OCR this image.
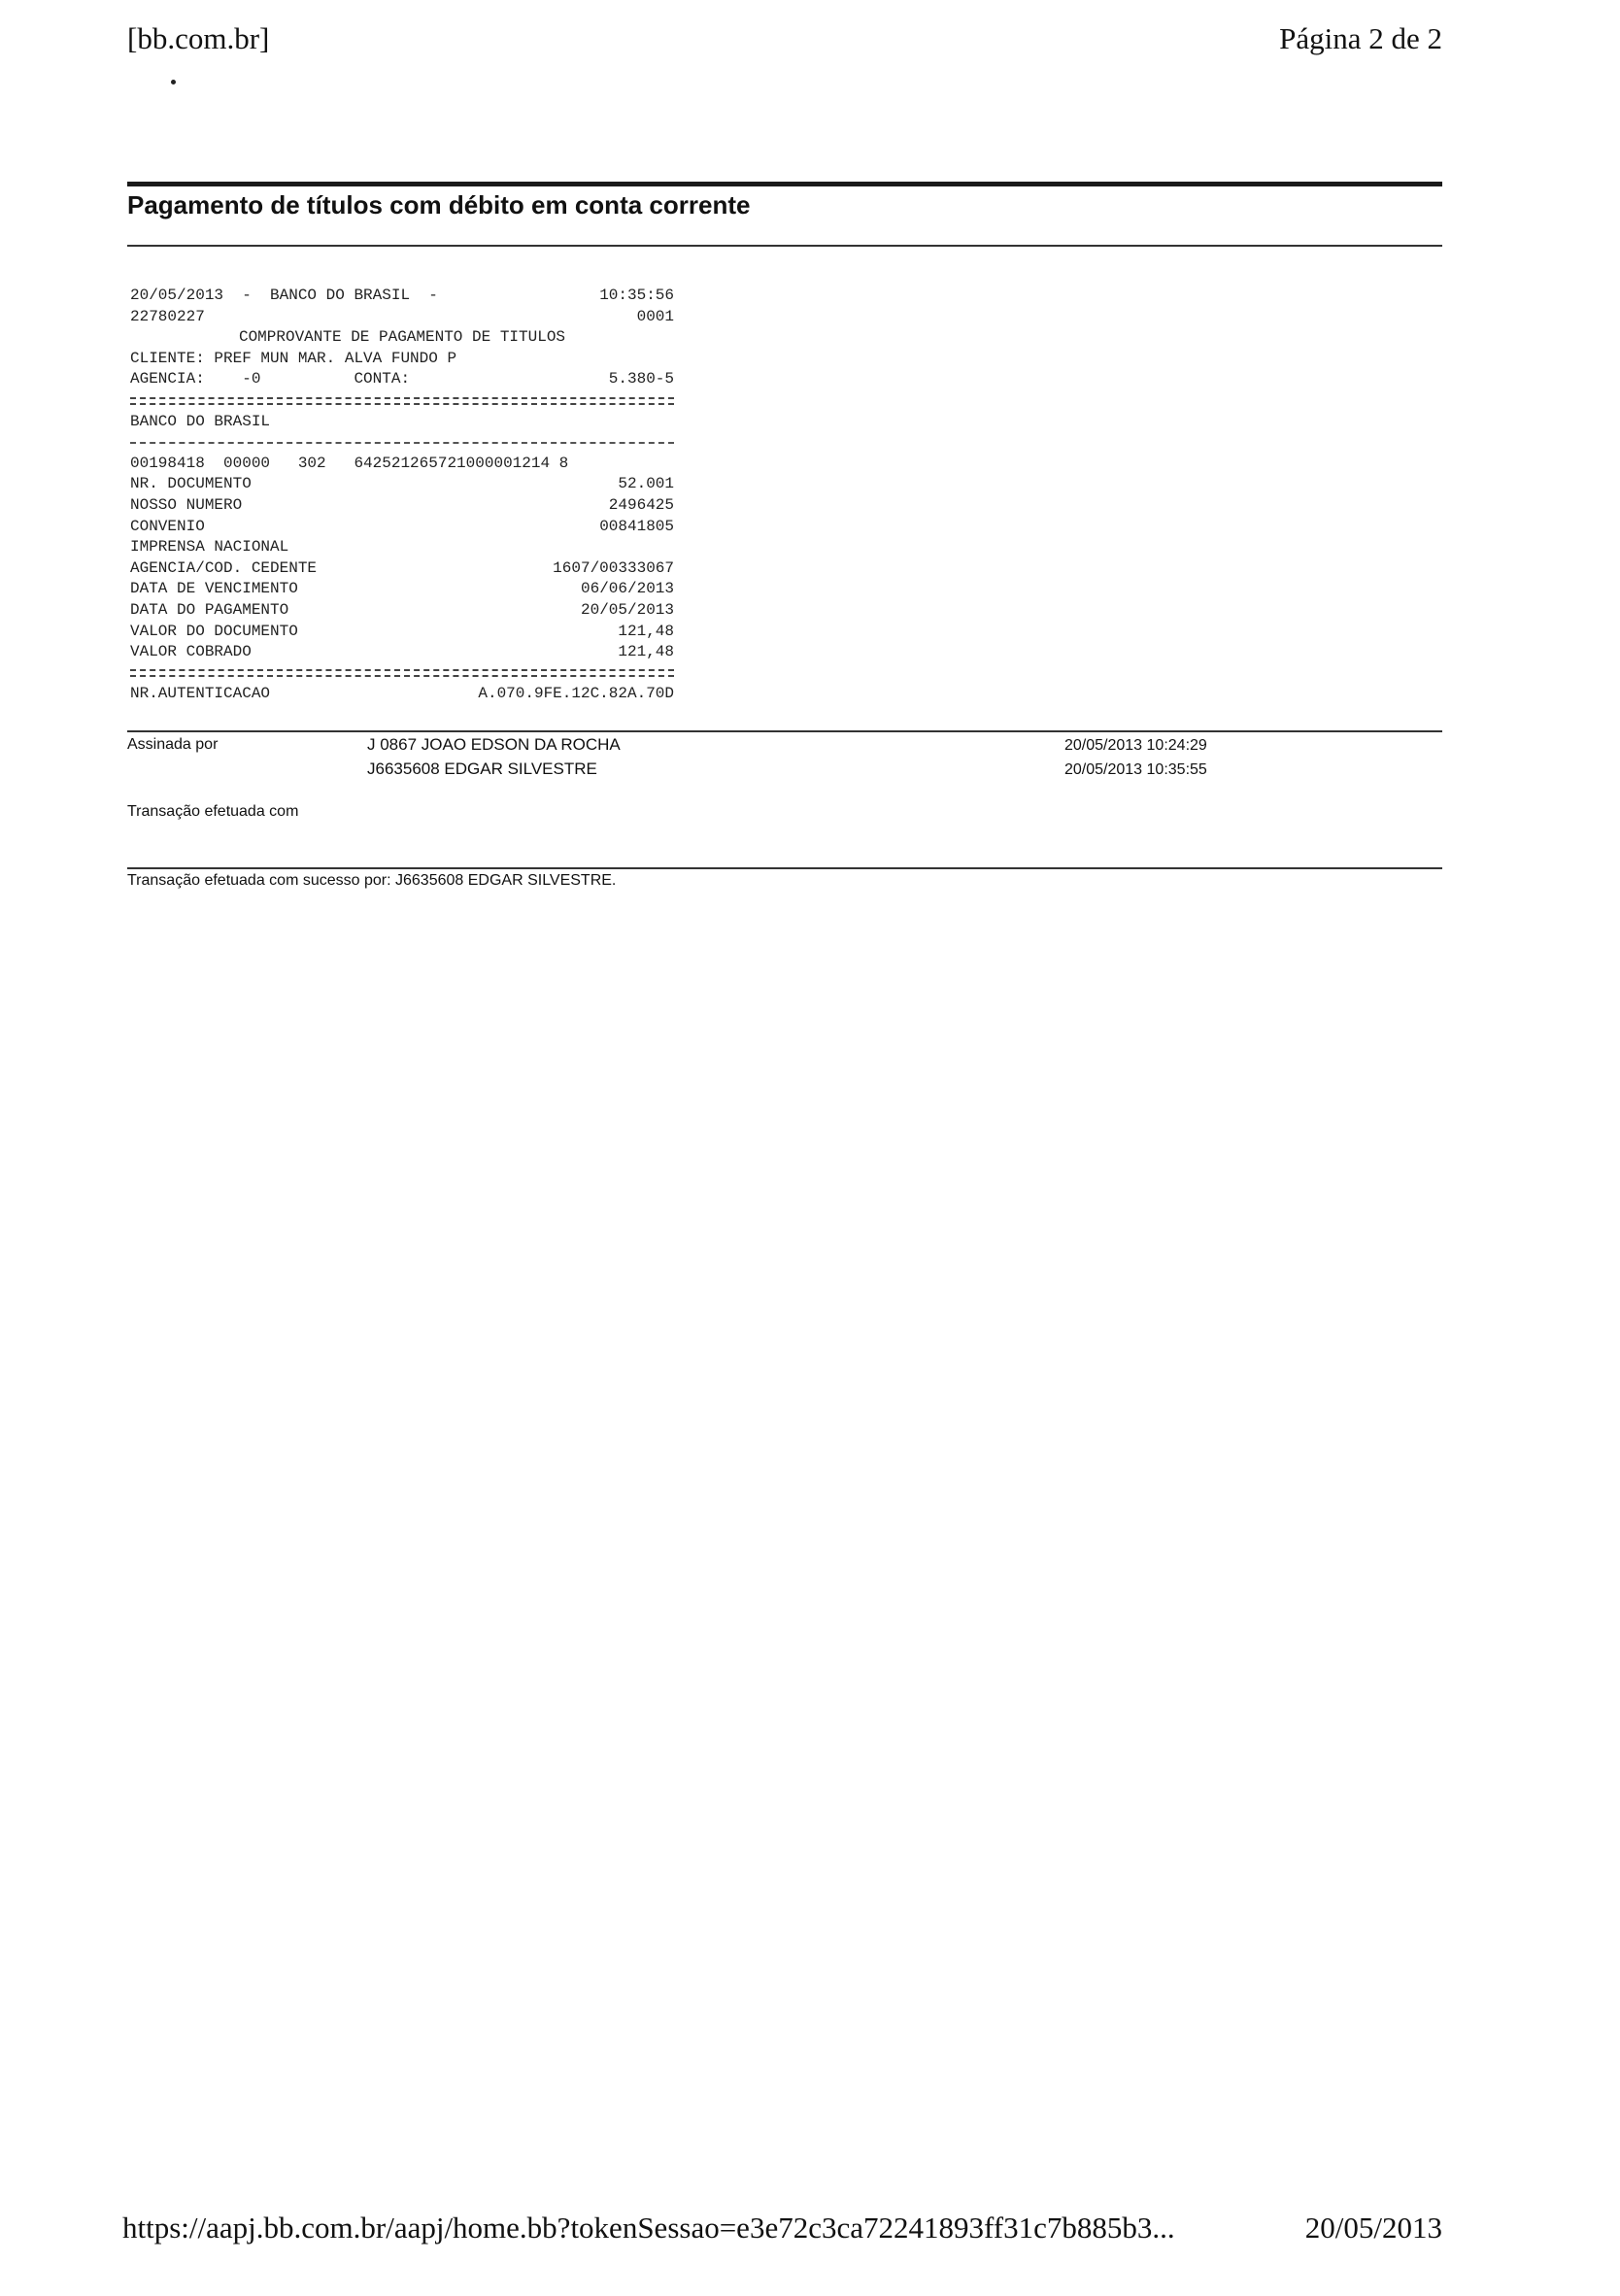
[bb.com.br]	Página 2 de 2
Pagamento de títulos com débito em conta corrente
20/05/2013  -  BANCO DO BRASIL  -	10:35:56
22780227	0001
COMPROVANTE DE PAGAMENTO DE TITULOS
CLIENTE: PREF MUN MAR. ALVA FUNDO P
AGENCIA:    -0          CONTA:	5.380-5
BANCO DO BRASIL
00198418  00000   302   642521265721000001214 8
NR. DOCUMENTO	52.001
NOSSO NUMERO	2496425
CONVENIO	00841805
IMPRENSA NACIONAL
AGENCIA/COD. CEDENTE	1607/00333067
DATA DE VENCIMENTO	06/06/2013
DATA DO PAGAMENTO	20/05/2013
VALOR DO DOCUMENTO	121,48
VALOR COBRADO	121,48
NR.AUTENTICACAO	A.070.9FE.12C.82A.70D
Assinada por	J 0867 JOAO EDSON DA ROCHA	20/05/2013 10:24:29
J6635608 EDGAR SILVESTRE	20/05/2013 10:35:55
Transação efetuada com
Transação efetuada com sucesso por: J6635608 EDGAR SILVESTRE.
https://aapj.bb.com.br/aapj/home.bb?tokenSessao=e3e72c3ca72241893ff31c7b885b3...	20/05/2013
